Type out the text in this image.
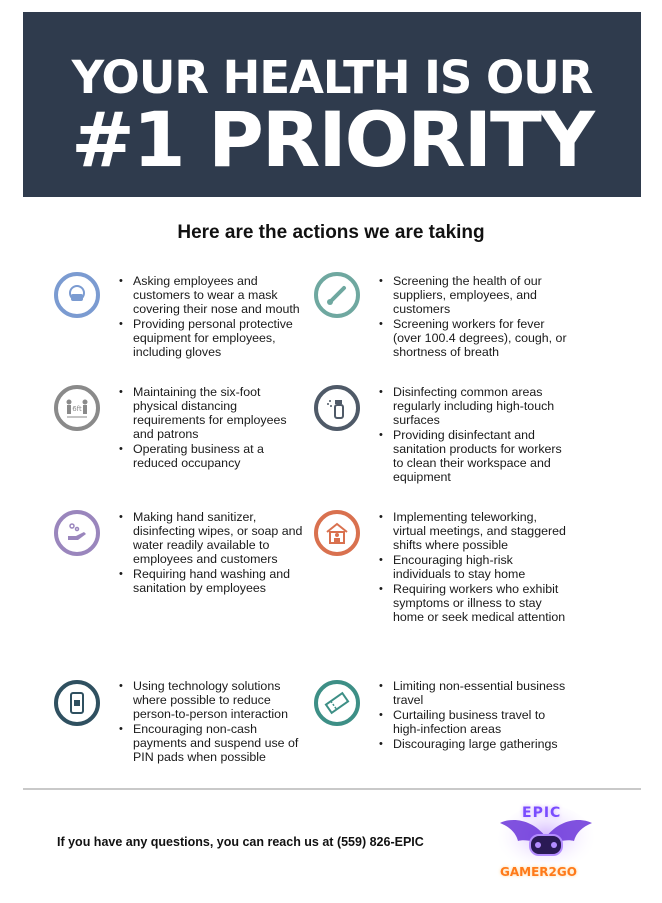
YOUR HEALTH IS OUR
#1 PRIORITY
Here are the actions we are taking
• Asking employees and customers to wear a mask covering their nose and mouth
• Providing personal protective equipment for employees, including gloves
• Screening the health of our suppliers, employees, and customers
• Screening workers for fever (over 100.4 degrees), cough, or shortness of breath
6ft
• Maintaining the six-foot physical distancing requirements for employees and patrons
• Operating business at a reduced occupancy
• Disinfecting common areas regularly including high-touch surfaces
• Providing disinfectant and sanitation products for workers to clean their workspace and equipment
• Making hand sanitizer, disinfecting wipes, or soap and water readily available to employees and customers
• Requiring hand washing and sanitation by employees
• Implementing teleworking, virtual meetings, and staggered shifts where possible
• Encouraging high-risk individuals to stay home
• Requiring workers who exhibit symptoms or illness to stay home or seek medical attention
• Using technology solutions where possible to reduce person-to-person interaction
• Encouraging non-cash payments and suspend use of PIN pads when possible
• Limiting non-essential business travel
• Curtailing business travel to high-infection areas
• Discouraging large gatherings
If you have any questions, you can reach us at (559) 826-EPIC
EPIC
GAMER2GO
